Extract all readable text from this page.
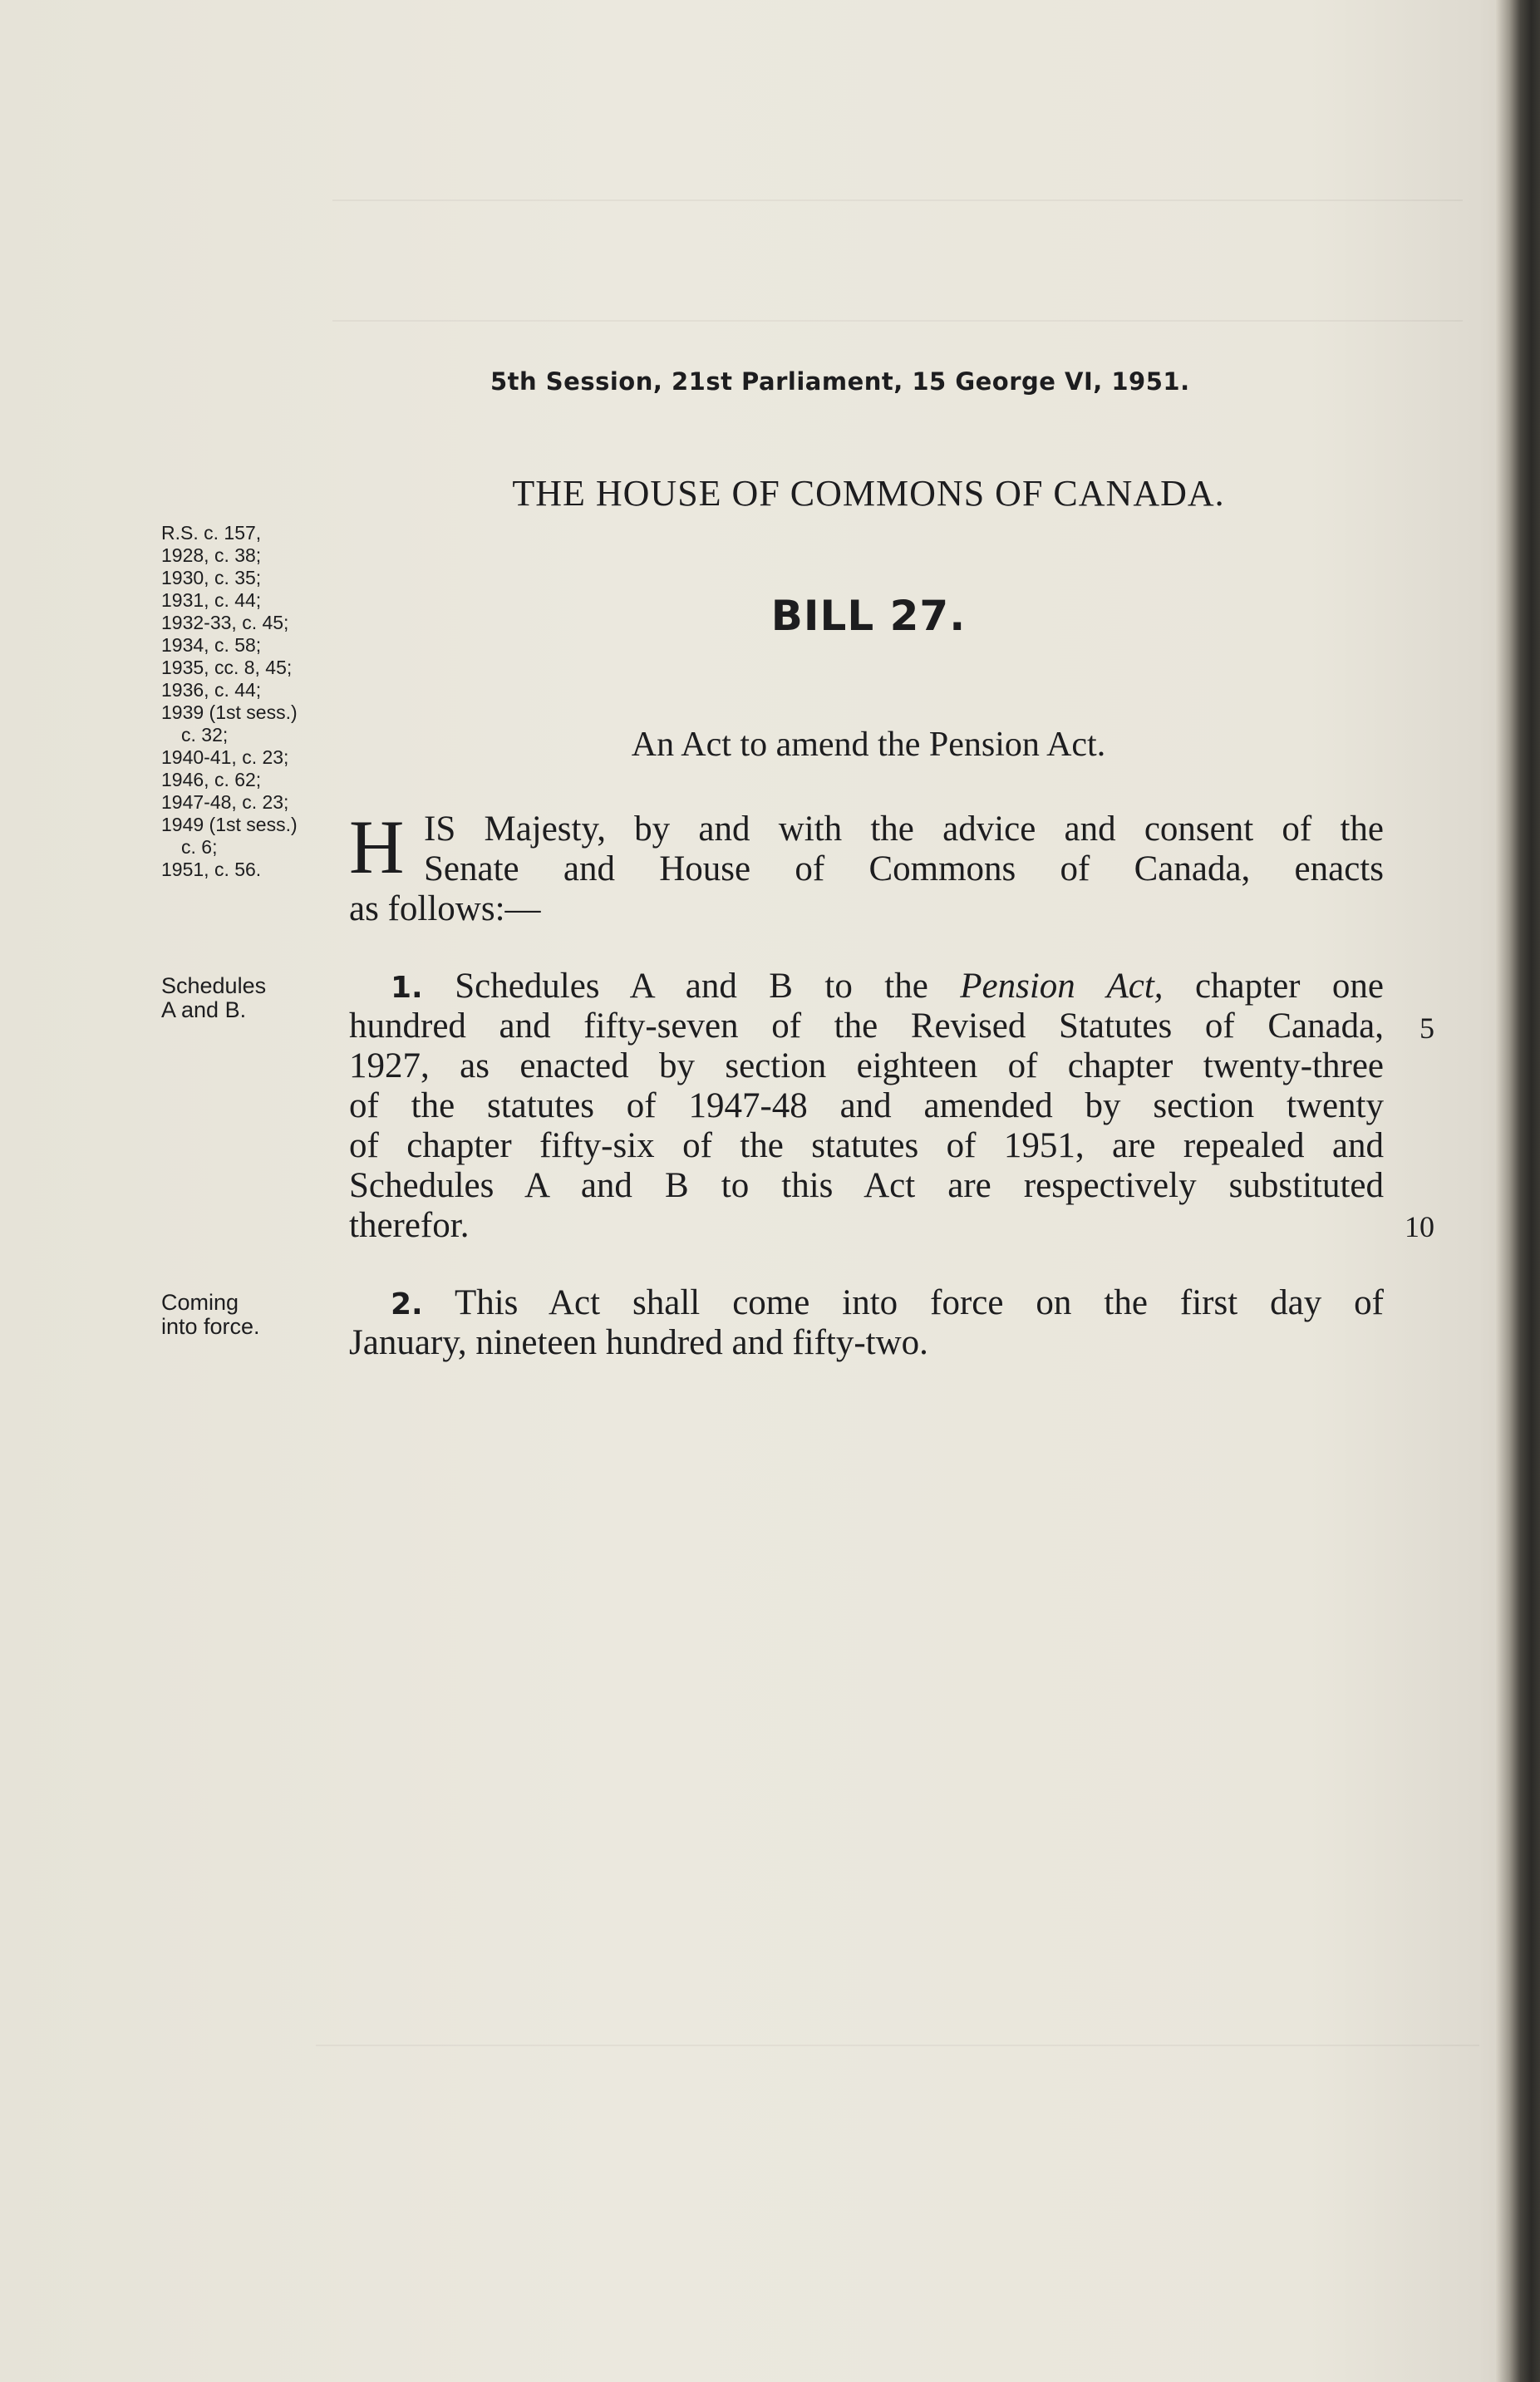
5th Session, 21st Parliament, 15 George VI, 1951.
THE HOUSE OF COMMONS OF CANADA.
BILL 27.
An Act to amend the Pension Act.
R.S. c. 157,
1928, c. 38;
1930, c. 35;
1931, c. 44;
1932-33, c. 45;
1934, c. 58;
1935, cc. 8, 45;
1936, c. 44;
1939 (1st sess.)
c. 32;
1940-41, c. 23;
1946, c. 62;
1947-48, c. 23;
1949 (1st sess.)
c. 6;
1951, c. 56.	H IS Majesty, by and with the advice and consent of the
Senate and House of Commons of Canada, enacts
as follows:—
Schedules
A and B.
1. Schedules A and B to the Pension Act, chapter one
hundred and fifty-seven of the Revised Statutes of Canada,
1927, as enacted by section eighteen of chapter twenty-three
of the statutes of 1947-48 and amended by section twenty
of chapter fifty-six of the statutes of 1951, are repealed and
Schedules A and B to this Act are respectively substituted
therefor.
5
10
Coming
into force.
2. This Act shall come into force on the first day of
January, nineteen hundred and fifty-two.
